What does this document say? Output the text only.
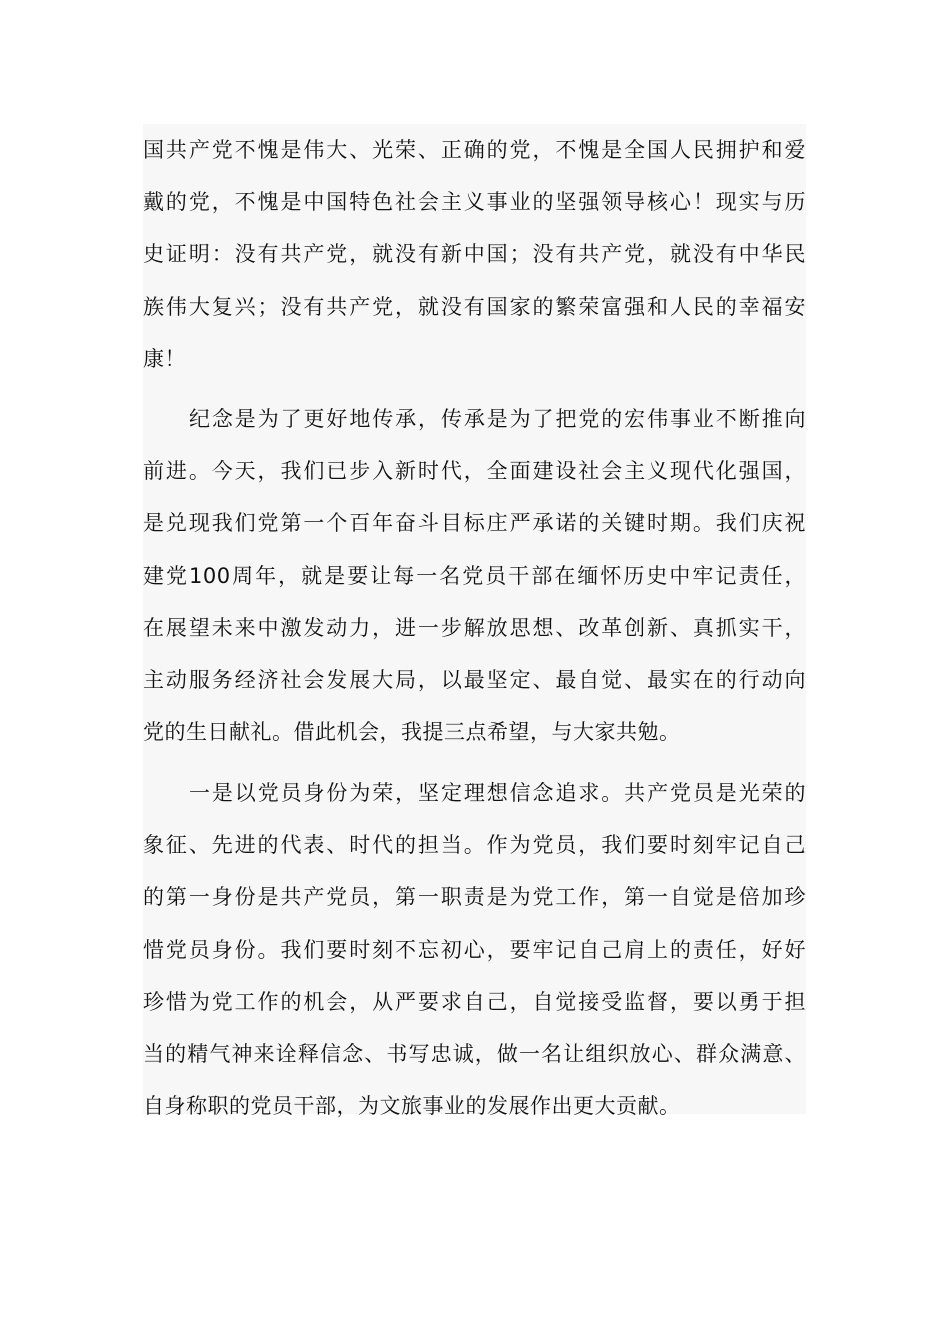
国共产党不愧是伟大、光荣、正确的党，不愧是全国人民拥护和爱
戴的党，不愧是中国特色社会主义事业的坚强领导核心！现实与历
史证明：没有共产党，就没有新中国；没有共产党，就没有中华民
族伟大复兴；没有共产党，就没有国家的繁荣富强和人民的幸福安
康！
纪念是为了更好地传承，传承是为了把党的宏伟事业不断推向
前进。今天，我们已步入新时代，全面建设社会主义现代化强国，
是兑现我们党第一个百年奋斗目标庄严承诺的关键时期。我们庆祝
建党100周年，就是要让每一名党员干部在缅怀历史中牢记责任，
在展望未来中激发动力，进一步解放思想、改革创新、真抓实干，
主动服务经济社会发展大局，以最坚定、最自觉、最实在的行动向
党的生日献礼。借此机会，我提三点希望，与大家共勉。
一是以党员身份为荣，坚定理想信念追求。共产党员是光荣的
象征、先进的代表、时代的担当。作为党员，我们要时刻牢记自己
的第一身份是共产党员，第一职责是为党工作，第一自觉是倍加珍
惜党员身份。我们要时刻不忘初心，要牢记自己肩上的责任，好好
珍惜为党工作的机会，从严要求自己，自觉接受监督，要以勇于担
当的精气神来诠释信念、书写忠诚，做一名让组织放心、群众满意、
自身称职的党员干部，为文旅事业的发展作出更大贡献。
